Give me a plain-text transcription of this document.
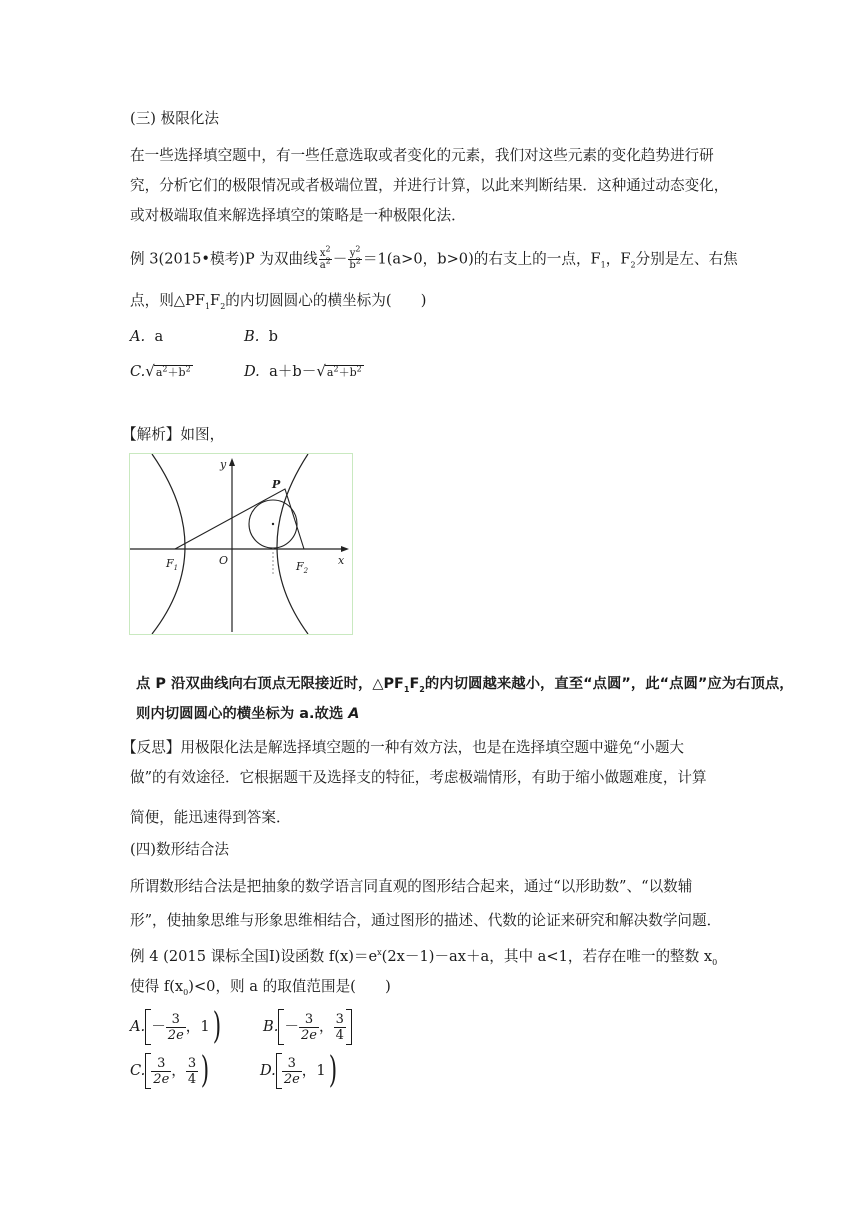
(三) 极限化法
在一些选择填空题中，有一些任意选取或者变化的元素，我们对这些元素的变化趋势进行研
究，分析它们的极限情况或者极端位置，并进行计算，以此来判断结果．这种通过动态变化，
或对极端取值来解选择填空的策略是一种极限化法．
例 3(2015•模考)P 为双曲线 $\frac{x^2}{a^2} - \frac{y^2}{b^2} =1(a>0$，b>0)的右支上的一点，$F_1$，$F_2$分别是左、右焦
点，则$\triangle PF_1F_2$的内切圆圆心的横坐标为(　　)
A. a	B. b
$C.√a^2+b^2$	D. $a+b-√a^2+b^2$
【解析】如图，
y
x
O
P
$F_1$	$F_2$
点 P 沿双曲线向右顶点无限接近时，$\triangle PF_1F_2$的内切圆越来越小，直至“点圆”，此“点圆”应为右顶点，
则内切圆圆心的横坐标为 a.故选 A
【反思】用极限化法是解选择填空题的一种有效方法，也是在选择填空题中避免“小题大
做”的有效途径．它根据题干及选择支的特征，考虑极端情形，有助于缩小做题难度，计算
简便，能迅速得到答案．
(四)数形结合法
所谓数形结合法是把抽象的数学语言同直观的图形结合起来，通过“以形助数”、“以数辅
形”，使抽象思维与形象思维相结合，通过图形的描述、代数的论证来研究和解决数学问题．
例 4 (2015 课标全国Ⅰ)设函数 $f(x)=e^x(2x-1)-ax+a$，其中 a<1，若存在唯一的整数 $x_0$
使得 $f(x_0)<0$，则 a 的取值范围是(　　)
A. － $\frac{3}{2e}$ ，1)	B. － $\frac{3}{2e}$ ， $\frac{3}{4}$
C. $\frac{3}{2e}$ ， $\frac{3}{4}$ )	D. $\frac{3}{2e}$ ，1)
